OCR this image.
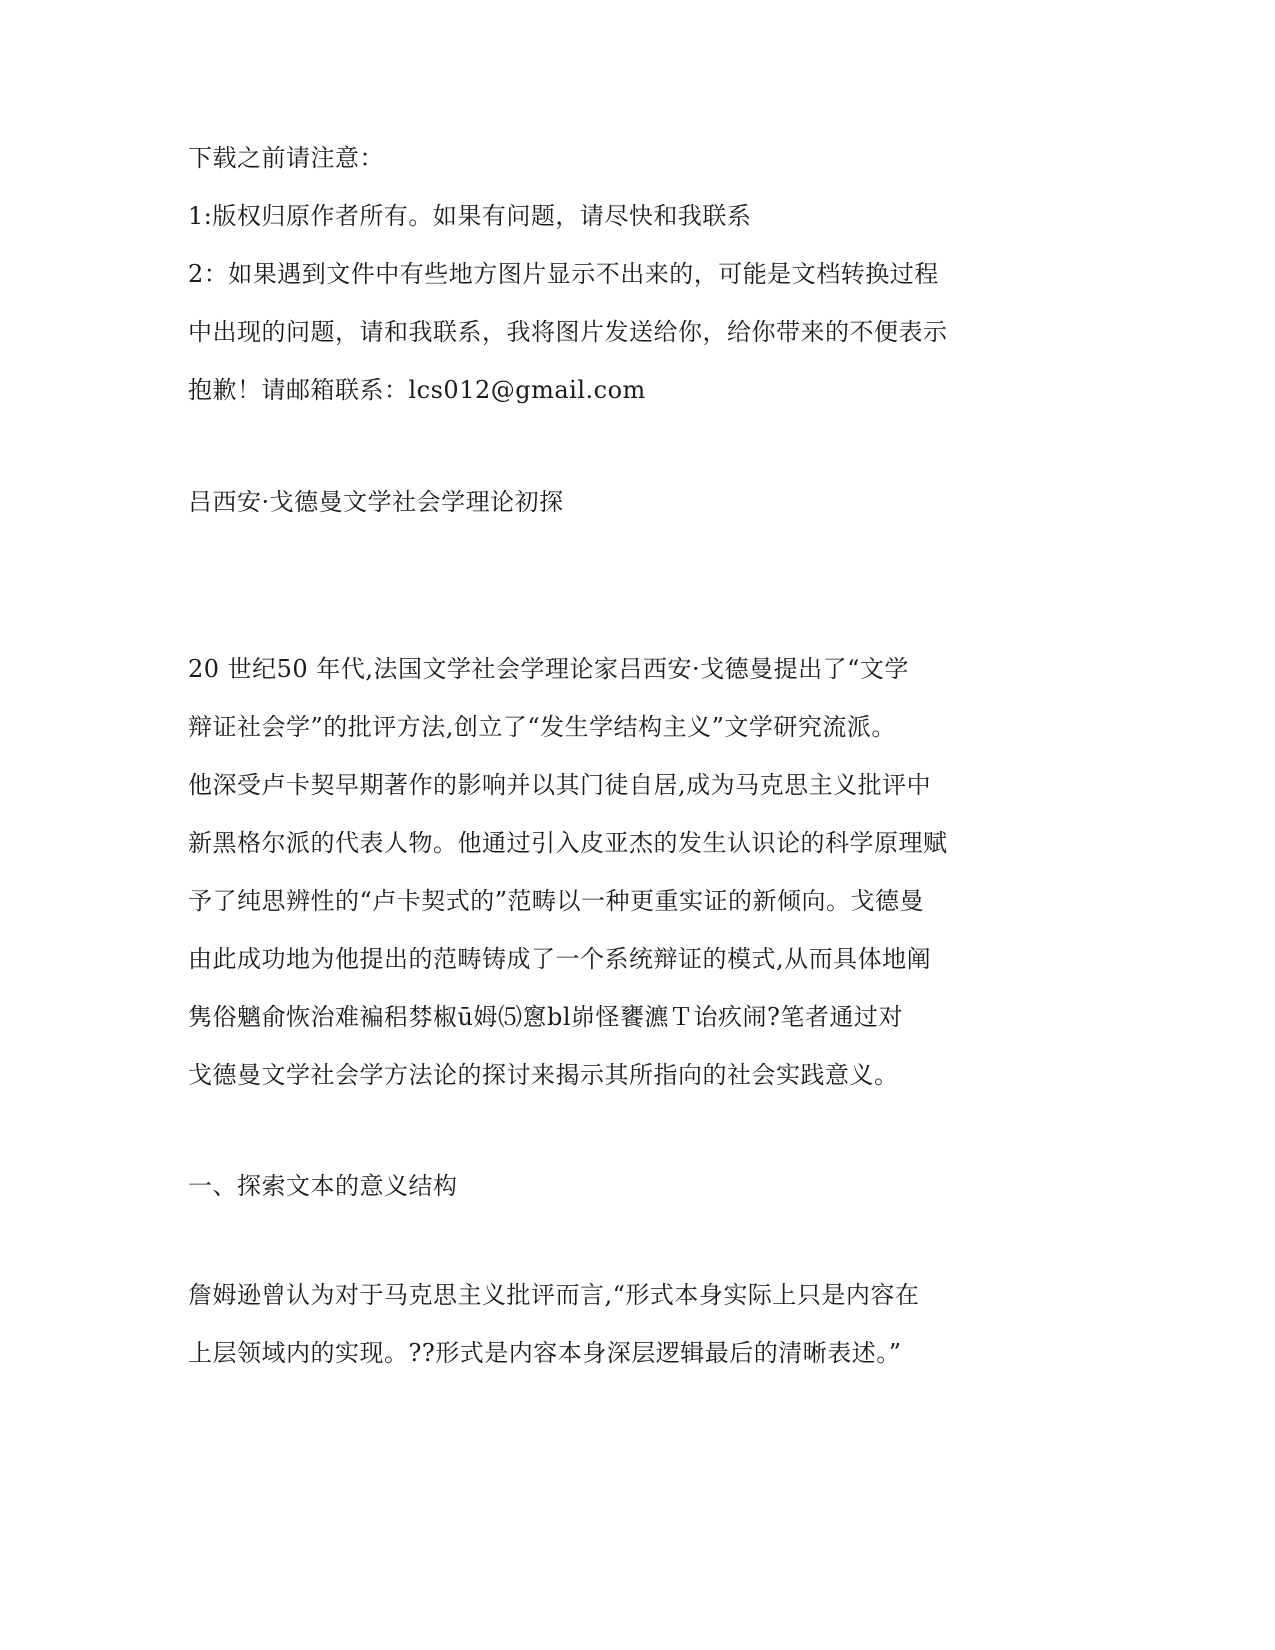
下载之前请注意：
1:版权归原作者所有。如果有问题，请尽快和我联系
2：如果遇到文件中有些地方图片显示不出来的，可能是文档转换过程
中出现的问题，请和我联系，我将图片发送给你，给你带来的不便表示
抱歉！请邮箱联系：lcs012@gmail.com
吕西安·戈德曼文学社会学理论初探
20 世纪50 年代,法国文学社会学理论家吕西安·戈德曼提出了“文学
辩证社会学”的批评方法,创立了“发生学结构主义”文学研究流派。
他深受卢卡契早期著作的影响并以其门徒自居,成为马克思主义批评中
新黑格尔派的代表人物。他通过引入皮亚杰的发生认识论的科学原理赋
予了纯思辨性的“卢卡契式的”范畴以一种更重实证的新倾向。戈德曼
由此成功地为他提出的范畴铸成了一个系统辩证的模式,从而具体地阐
隽俗魑俞恢治难褊稆棼椒ū姆⑸窻bl峁怪饔瀌Ｔ诒疚闹?笔者通过对
戈德曼文学社会学方法论的探讨来揭示其所指向的社会实践意义。
一、探索文本的意义结构
詹姆逊曾认为对于马克思主义批评而言,“形式本身实际上只是内容在
上层领域内的实现。??形式是内容本身深层逻辑最后的清晰表述。”
